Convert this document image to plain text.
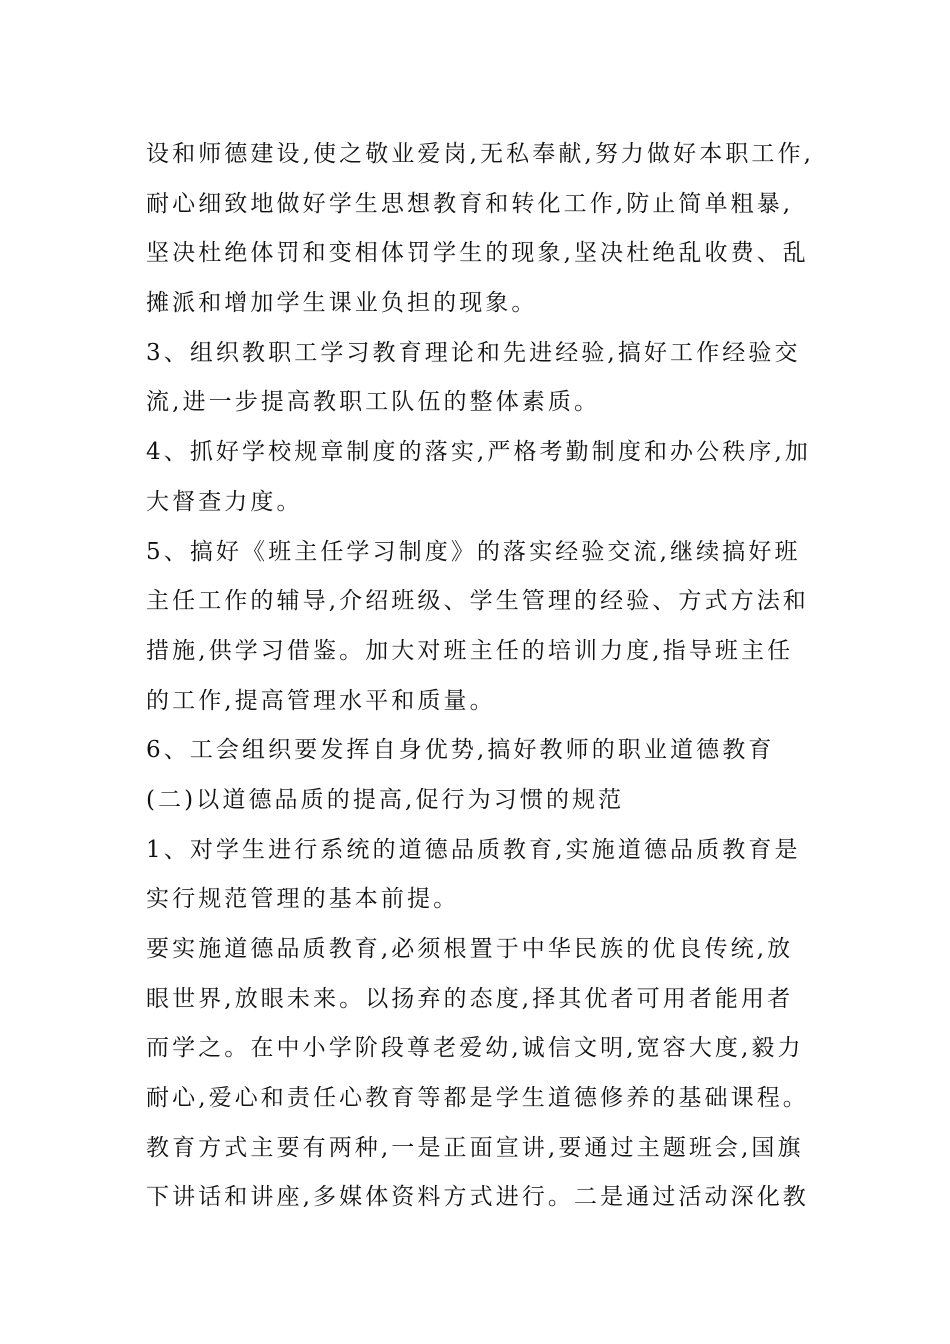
设和师德建设,使之敬业爱岗,无私奉献,努力做好本职工作,
耐心细致地做好学生思想教育和转化工作,防止简单粗暴,
坚决杜绝体罚和变相体罚学生的现象,坚决杜绝乱收费、乱
摊派和增加学生课业负担的现象。
3、组织教职工学习教育理论和先进经验,搞好工作经验交
流,进一步提高教职工队伍的整体素质。
4、抓好学校规章制度的落实,严格考勤制度和办公秩序,加
大督查力度。
5、搞好《班主任学习制度》的落实经验交流,继续搞好班
主任工作的辅导,介绍班级、学生管理的经验、方式方法和
措施,供学习借鉴。加大对班主任的培训力度,指导班主任
的工作,提高管理水平和质量。
6、工会组织要发挥自身优势,搞好教师的职业道德教育
(二)以道德品质的提高,促行为习惯的规范
1、对学生进行系统的道德品质教育,实施道德品质教育是
实行规范管理的基本前提。
要实施道德品质教育,必须根置于中华民族的优良传统,放
眼世界,放眼未来。以扬弃的态度,择其优者可用者能用者
而学之。在中小学阶段尊老爱幼,诚信文明,宽容大度,毅力
耐心,爱心和责任心教育等都是学生道德修养的基础课程。
教育方式主要有两种,一是正面宣讲,要通过主题班会,国旗
下讲话和讲座,多媒体资料方式进行。二是通过活动深化教
